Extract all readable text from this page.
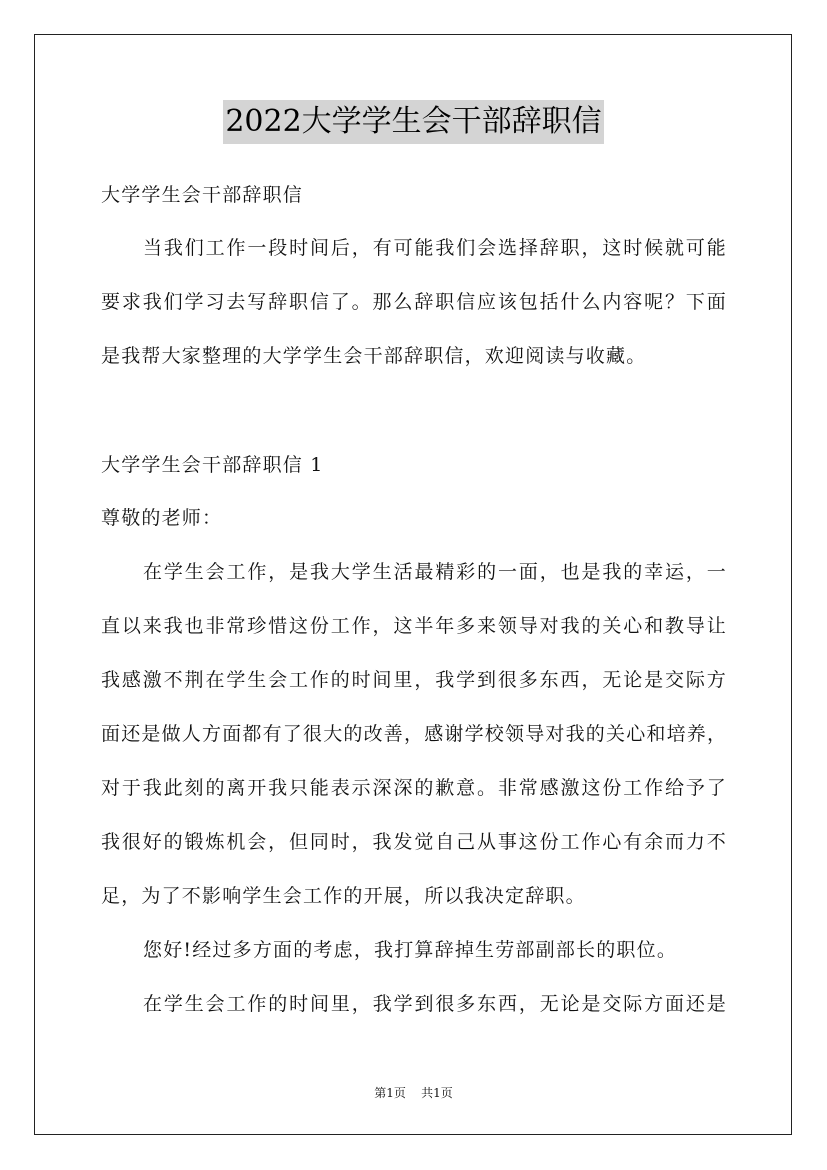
2022大学学生会干部辞职信
大学学生会干部辞职信
当我们工作一段时间后，有可能我们会选择辞职，这时候就可能
要求我们学习去写辞职信了。那么辞职信应该包括什么内容呢？下面
是我帮大家整理的大学学生会干部辞职信，欢迎阅读与收藏。
大学学生会干部辞职信 1
尊敬的老师：
在学生会工作，是我大学生活最精彩的一面，也是我的幸运，一
直以来我也非常珍惜这份工作，这半年多来领导对我的关心和教导让
我感激不荆在学生会工作的时间里，我学到很多东西，无论是交际方
面还是做人方面都有了很大的改善，感谢学校领导对我的关心和培养，
对于我此刻的离开我只能表示深深的歉意。非常感激这份工作给予了
我很好的锻炼机会，但同时，我发觉自己从事这份工作心有余而力不
足，为了不影响学生会工作的开展，所以我决定辞职。
您好!经过多方面的考虑，我打算辞掉生劳部副部长的职位。
在学生会工作的时间里，我学到很多东西，无论是交际方面还是
第1页 共1页
